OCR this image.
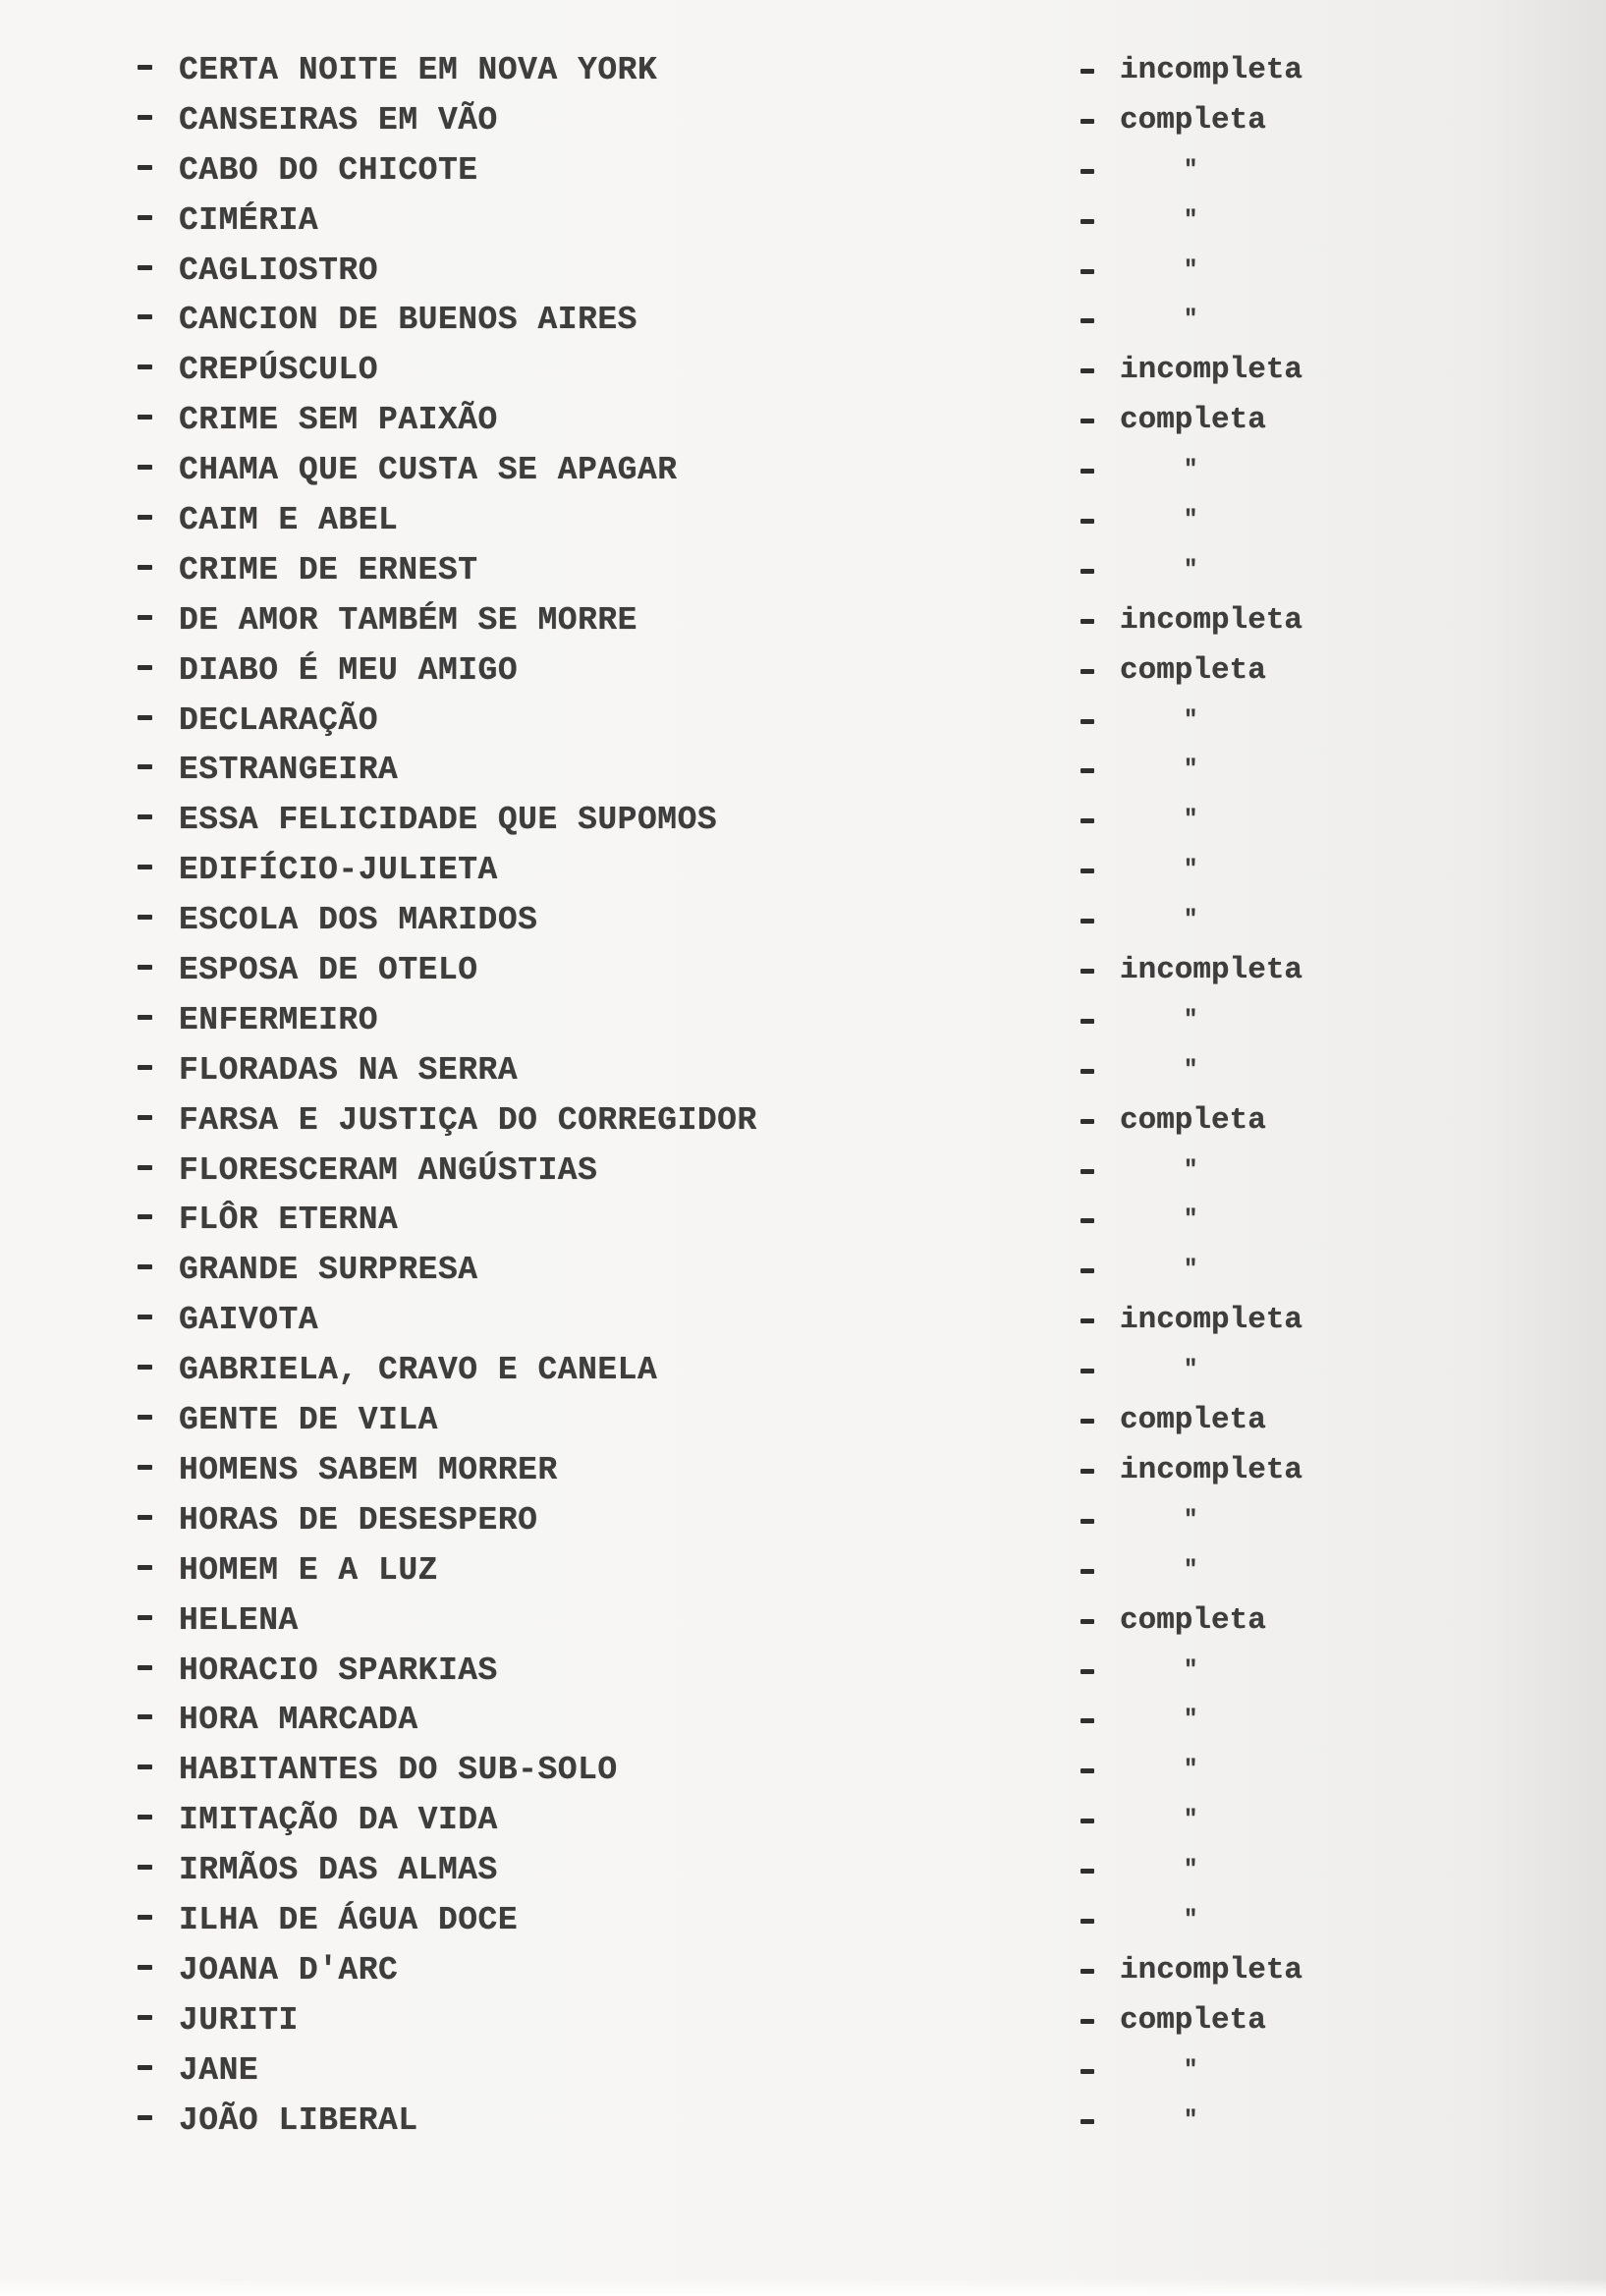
CERTA NOITE EM NOVA YORK	incompleta
CANSEIRAS EM VÃO	completa
CABO DO CHICOTE	"
CIMÉRIA	"
CAGLIOSTRO	"
CANCION DE BUENOS AIRES	"
CREPÚSCULO	incompleta
CRIME SEM PAIXÃO	completa
CHAMA QUE CUSTA SE APAGAR	"
CAIM E ABEL	"
CRIME DE ERNEST	"
DE AMOR TAMBÉM SE MORRE	incompleta
DIABO É MEU AMIGO	completa
DECLARAÇÃO	"
ESTRANGEIRA	"
ESSA FELICIDADE QUE SUPOMOS	"
EDIFÍCIO-JULIETA	"
ESCOLA DOS MARIDOS	"
ESPOSA DE OTELO	incompleta
ENFERMEIRO	"
FLORADAS NA SERRA	"
FARSA E JUSTIÇA DO CORREGIDOR	completa
FLORESCERAM ANGÚSTIAS	"
FLÔR ETERNA	"
GRANDE SURPRESA	"
GAIVOTA	incompleta
GABRIELA, CRAVO E CANELA	"
GENTE DE VILA	completa
HOMENS SABEM MORRER	incompleta
HORAS DE DESESPERO	"
HOMEM E A LUZ	"
HELENA	completa
HORACIO SPARKIAS	"
HORA MARCADA	"
HABITANTES DO SUB-SOLO	"
IMITAÇÃO DA VIDA	"
IRMÃOS DAS ALMAS	"
ILHA DE ÁGUA DOCE	"
JOANA D'ARC	incompleta
JURITI	completa
JANE	"
JOÃO LIBERAL	"
